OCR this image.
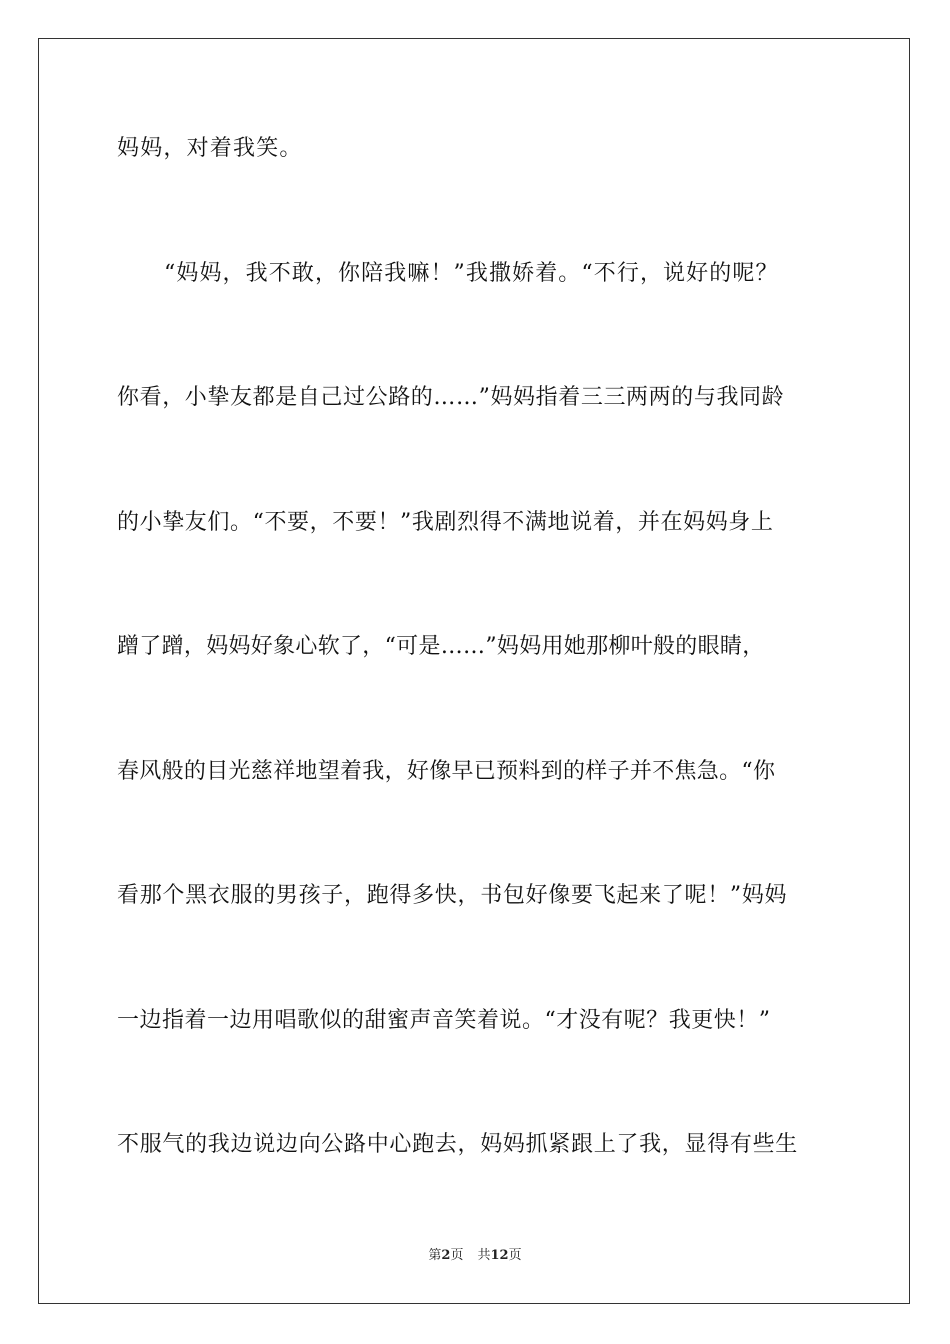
妈妈，对着我笑。
“妈妈，我不敢，你陪我嘛！”我撒娇着。“不行，说好的呢？
你看，小挚友都是自己过公路的……”妈妈指着三三两两的与我同龄
的小挚友们。“不要，不要！”我剧烈得不满地说着，并在妈妈身上
蹭了蹭，妈妈好象心软了，“可是……”妈妈用她那柳叶般的眼睛，
春风般的目光慈祥地望着我，好像早已预料到的样子并不焦急。“你
看那个黑衣服的男孩子，跑得多快，书包好像要飞起来了呢！”妈妈
一边指着一边用唱歌似的甜蜜声音笑着说。“才没有呢？我更快！”
不服气的我边说边向公路中心跑去，妈妈抓紧跟上了我，显得有些生
第2页 共12页
